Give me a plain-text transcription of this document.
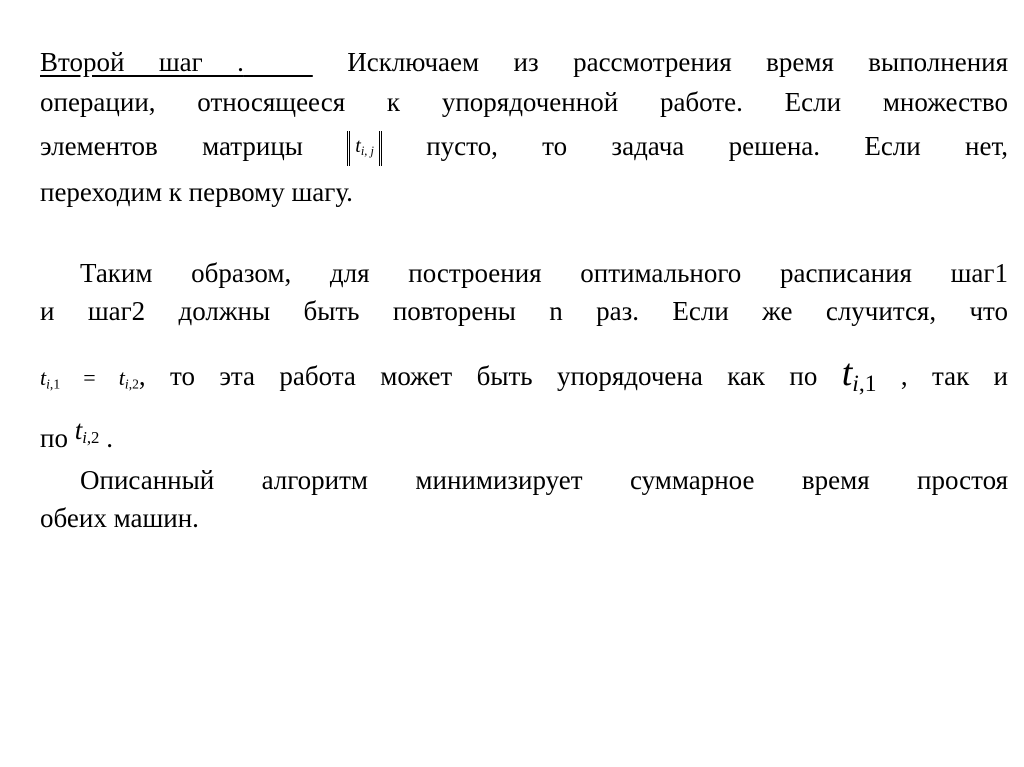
Второй шаг .	Исключаем из рассмотрения время выполнения
операции, относящееся к упорядоченной работе. Если множество
элементов матрицы	ti, j пусто, то задача решена. Если нет,
переходим к первому шагу.
Таким образом, для построения оптимального расписания шаг1
и шаг2 должны быть повторены n раз. Если же случится, что
$ti_{,1} = ti_{,2}$, то эта работа может быть упорядочена как по $ti_{,1}$ , так и
по $ti_{,2}$ .
Описанный алгоритм минимизирует суммарное время простоя
обеих машин.
